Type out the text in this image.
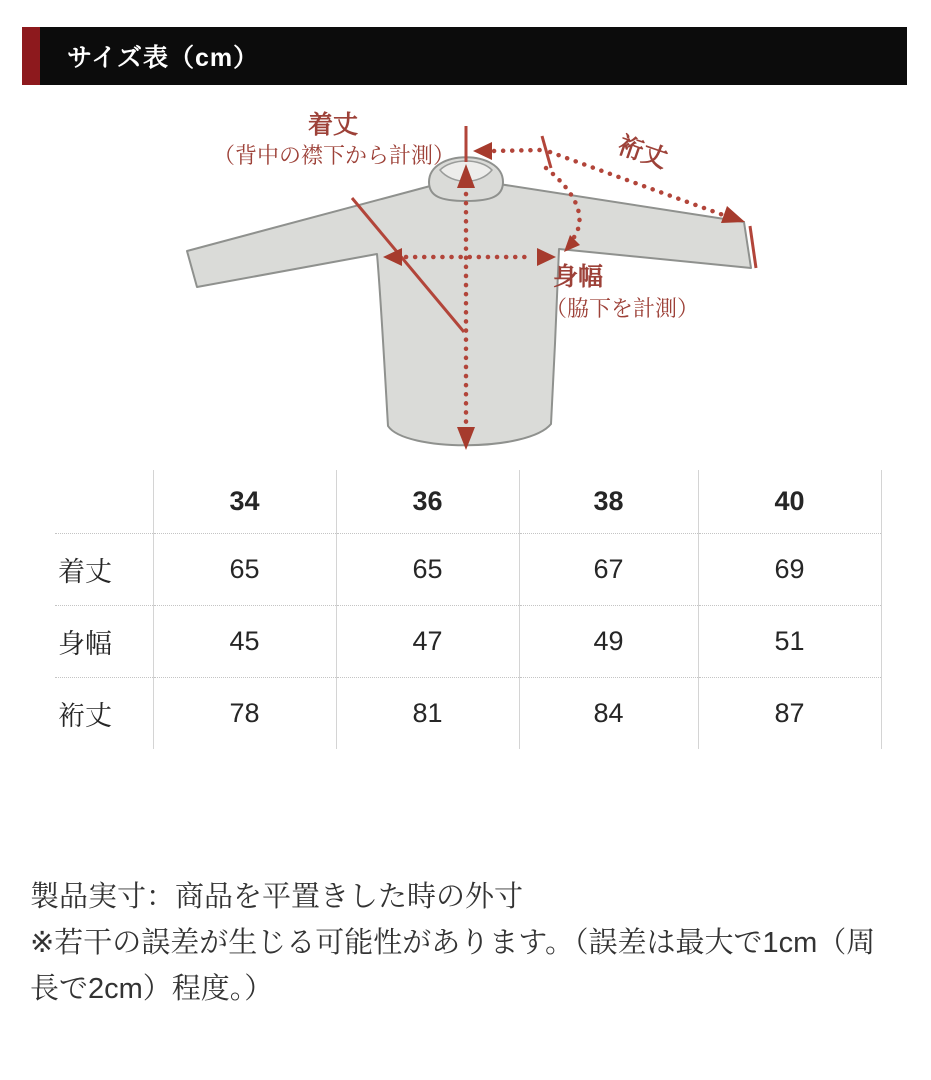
サイズ表（cm）
着丈
（背中の襟下から計測）	裄丈
身幅
（脇下を計測）
	34	36	38	40
着丈	65	65	67	69
身幅	45	47	49	51
裄丈	78	81	84	87

製品実寸：商品を平置きした時の外寸

※若干の誤差が生じる可能性があります。（誤差は最大で1cm（周長で2cm）程度。）
